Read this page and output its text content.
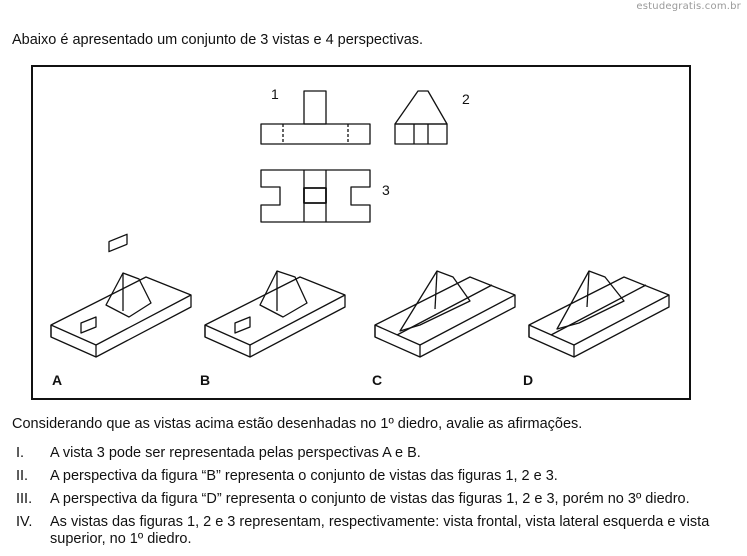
estudegratis.com.br
Abaixo é apresentado um conjunto de 3 vistas e 4 perspectivas.
1	2
3
A	B	C	D
Considerando que as vistas acima estão desenhadas no 1º diedro, avalie as afirmações.
I. A vista 3 pode ser representada pelas perspectivas A e B.
II. A perspectiva da figura “B” representa o conjunto de vistas das figuras 1, 2 e 3.
III. A perspectiva da figura “D” representa o conjunto de vistas das figuras 1, 2 e 3, porém no 3º diedro.
IV. As vistas das figuras 1, 2 e 3 representam, respectivamente: vista frontal, vista lateral esquerda e vista superior, no 1º diedro.
